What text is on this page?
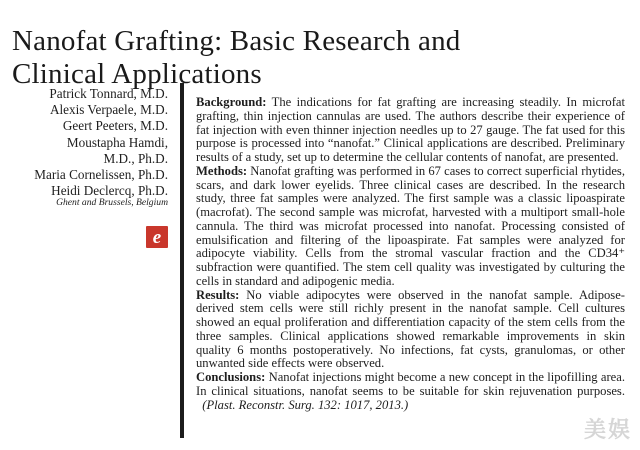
Nanofat Grafting: Basic Research and
Clinical Applications
Patrick Tonnard, M.D.
Alexis Verpaele, M.D.
Geert Peeters, M.D.
Moustapha Hamdi,
M.D., Ph.D.
Maria Cornelissen, Ph.D.
Heidi Declercq, Ph.D.
Ghent and Brussels, Belgium
e

Background: The indications for fat grafting are increasing steadily. In microfat grafting, thin injection cannulas are used. The authors describe their experience of fat injection with even thinner injection needles up to 27 gauge. The fat used for this purpose is processed into “nanofat.” Clinical applications are described. Preliminary results of a study, set up to determine the cellular contents of nanofat, are presented.

Methods: Nanofat grafting was performed in 67 cases to correct superficial rhytides, scars, and dark lower eyelids. Three clinical cases are described. In the research study, three fat samples were analyzed. The first sample was a classic lipoaspirate (macrofat). The second sample was microfat, harvested with a multiport small-hole cannula. The third was microfat processed into nanofat. Processing consisted of emulsification and filtering of the lipoaspirate. Fat samples were analyzed for adipocyte viability. Cells from the stromal vascular fraction and the CD34⁺ subfraction were quantified. The stem cell quality was investigated by culturing the cells in standard and adipogenic media.

Results: No viable adipocytes were observed in the nanofat sample. Adipose-derived stem cells were still richly present in the nanofat sample. Cell cultures showed an equal proliferation and differentiation capacity of the stem cells from the three samples. Clinical applications showed remarkable improvements in skin quality 6 months postoperatively. No infections, fat cysts, granulomas, or other unwanted side effects were observed.

Conclusions: Nanofat injections might become a new concept in the lipofilling area. In clinical situations, nanofat seems to be suitable for skin rejuvenation purposes.   (Plast. Reconstr. Surg. 132: 1017, 2013.)

美娱
